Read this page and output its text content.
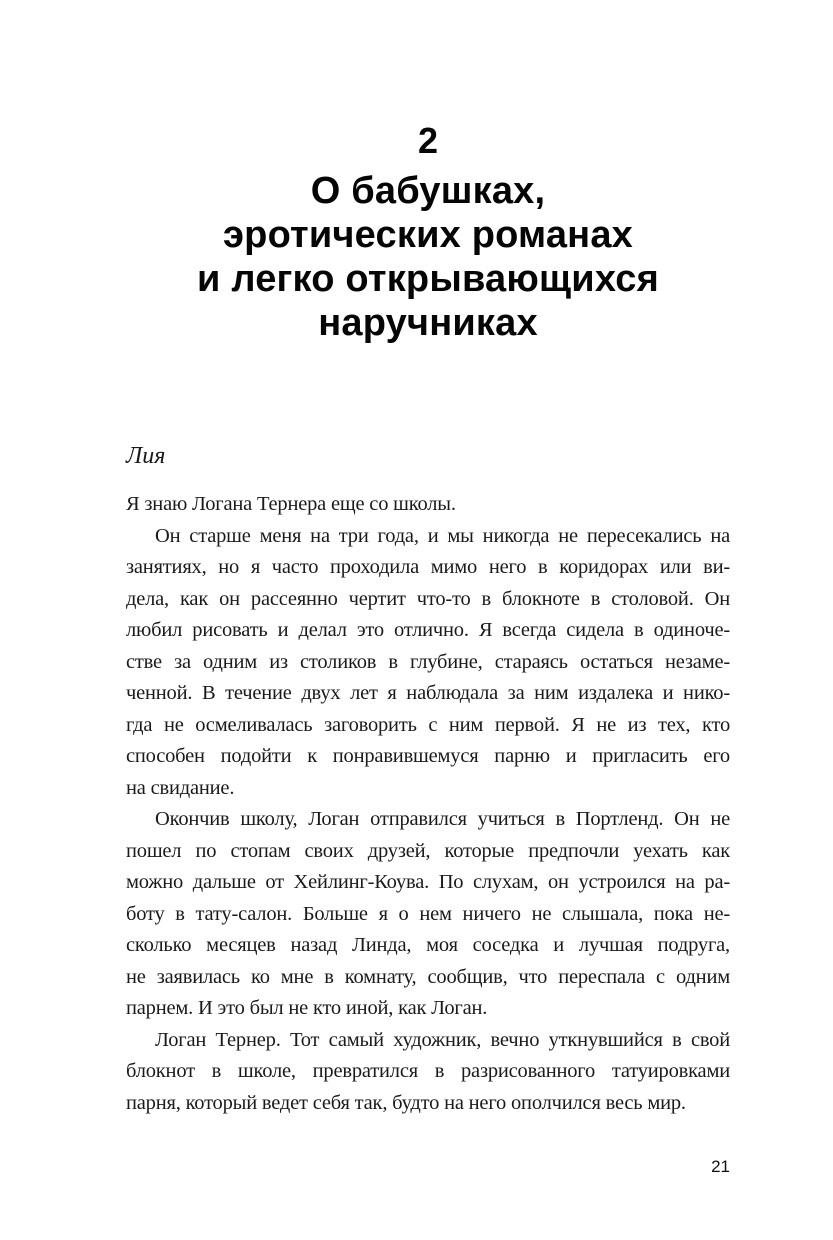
2
О бабушках,
эротических романах
и легко открывающихся
наручниках
Лия
Я знаю Логана Тернера еще со школы.
Он старше меня на три года, и мы никогда не пересекались на
занятиях, но я часто проходила мимо него в коридорах или ви-
дела, как он рассеянно чертит что-то в блокноте в столовой. Он
любил рисовать и делал это отлично. Я всегда сидела в одиноче-
стве за одним из столиков в глубине, стараясь остаться незаме-
ченной. В течение двух лет я наблюдала за ним издалека и нико-
гда не осмеливалась заговорить с ним первой. Я не из тех, кто
способен подойти к понравившемуся парню и пригласить его
на свидание.
Окончив школу, Логан отправился учиться в Портленд. Он не
пошел по стопам своих друзей, которые предпочли уехать как
можно дальше от Хейлинг-Коува. По слухам, он устроился на ра-
боту в тату-салон. Больше я о нем ничего не слышала, пока не-
сколько месяцев назад Линда, моя соседка и лучшая подруга,
не заявилась ко мне в комнату, сообщив, что переспала с одним
парнем. И это был не кто иной, как Логан.
Логан Тернер. Тот самый художник, вечно уткнувшийся в свой
блокнот в школе, превратился в разрисованного татуировками
парня, который ведет себя так, будто на него ополчился весь мир.
21
